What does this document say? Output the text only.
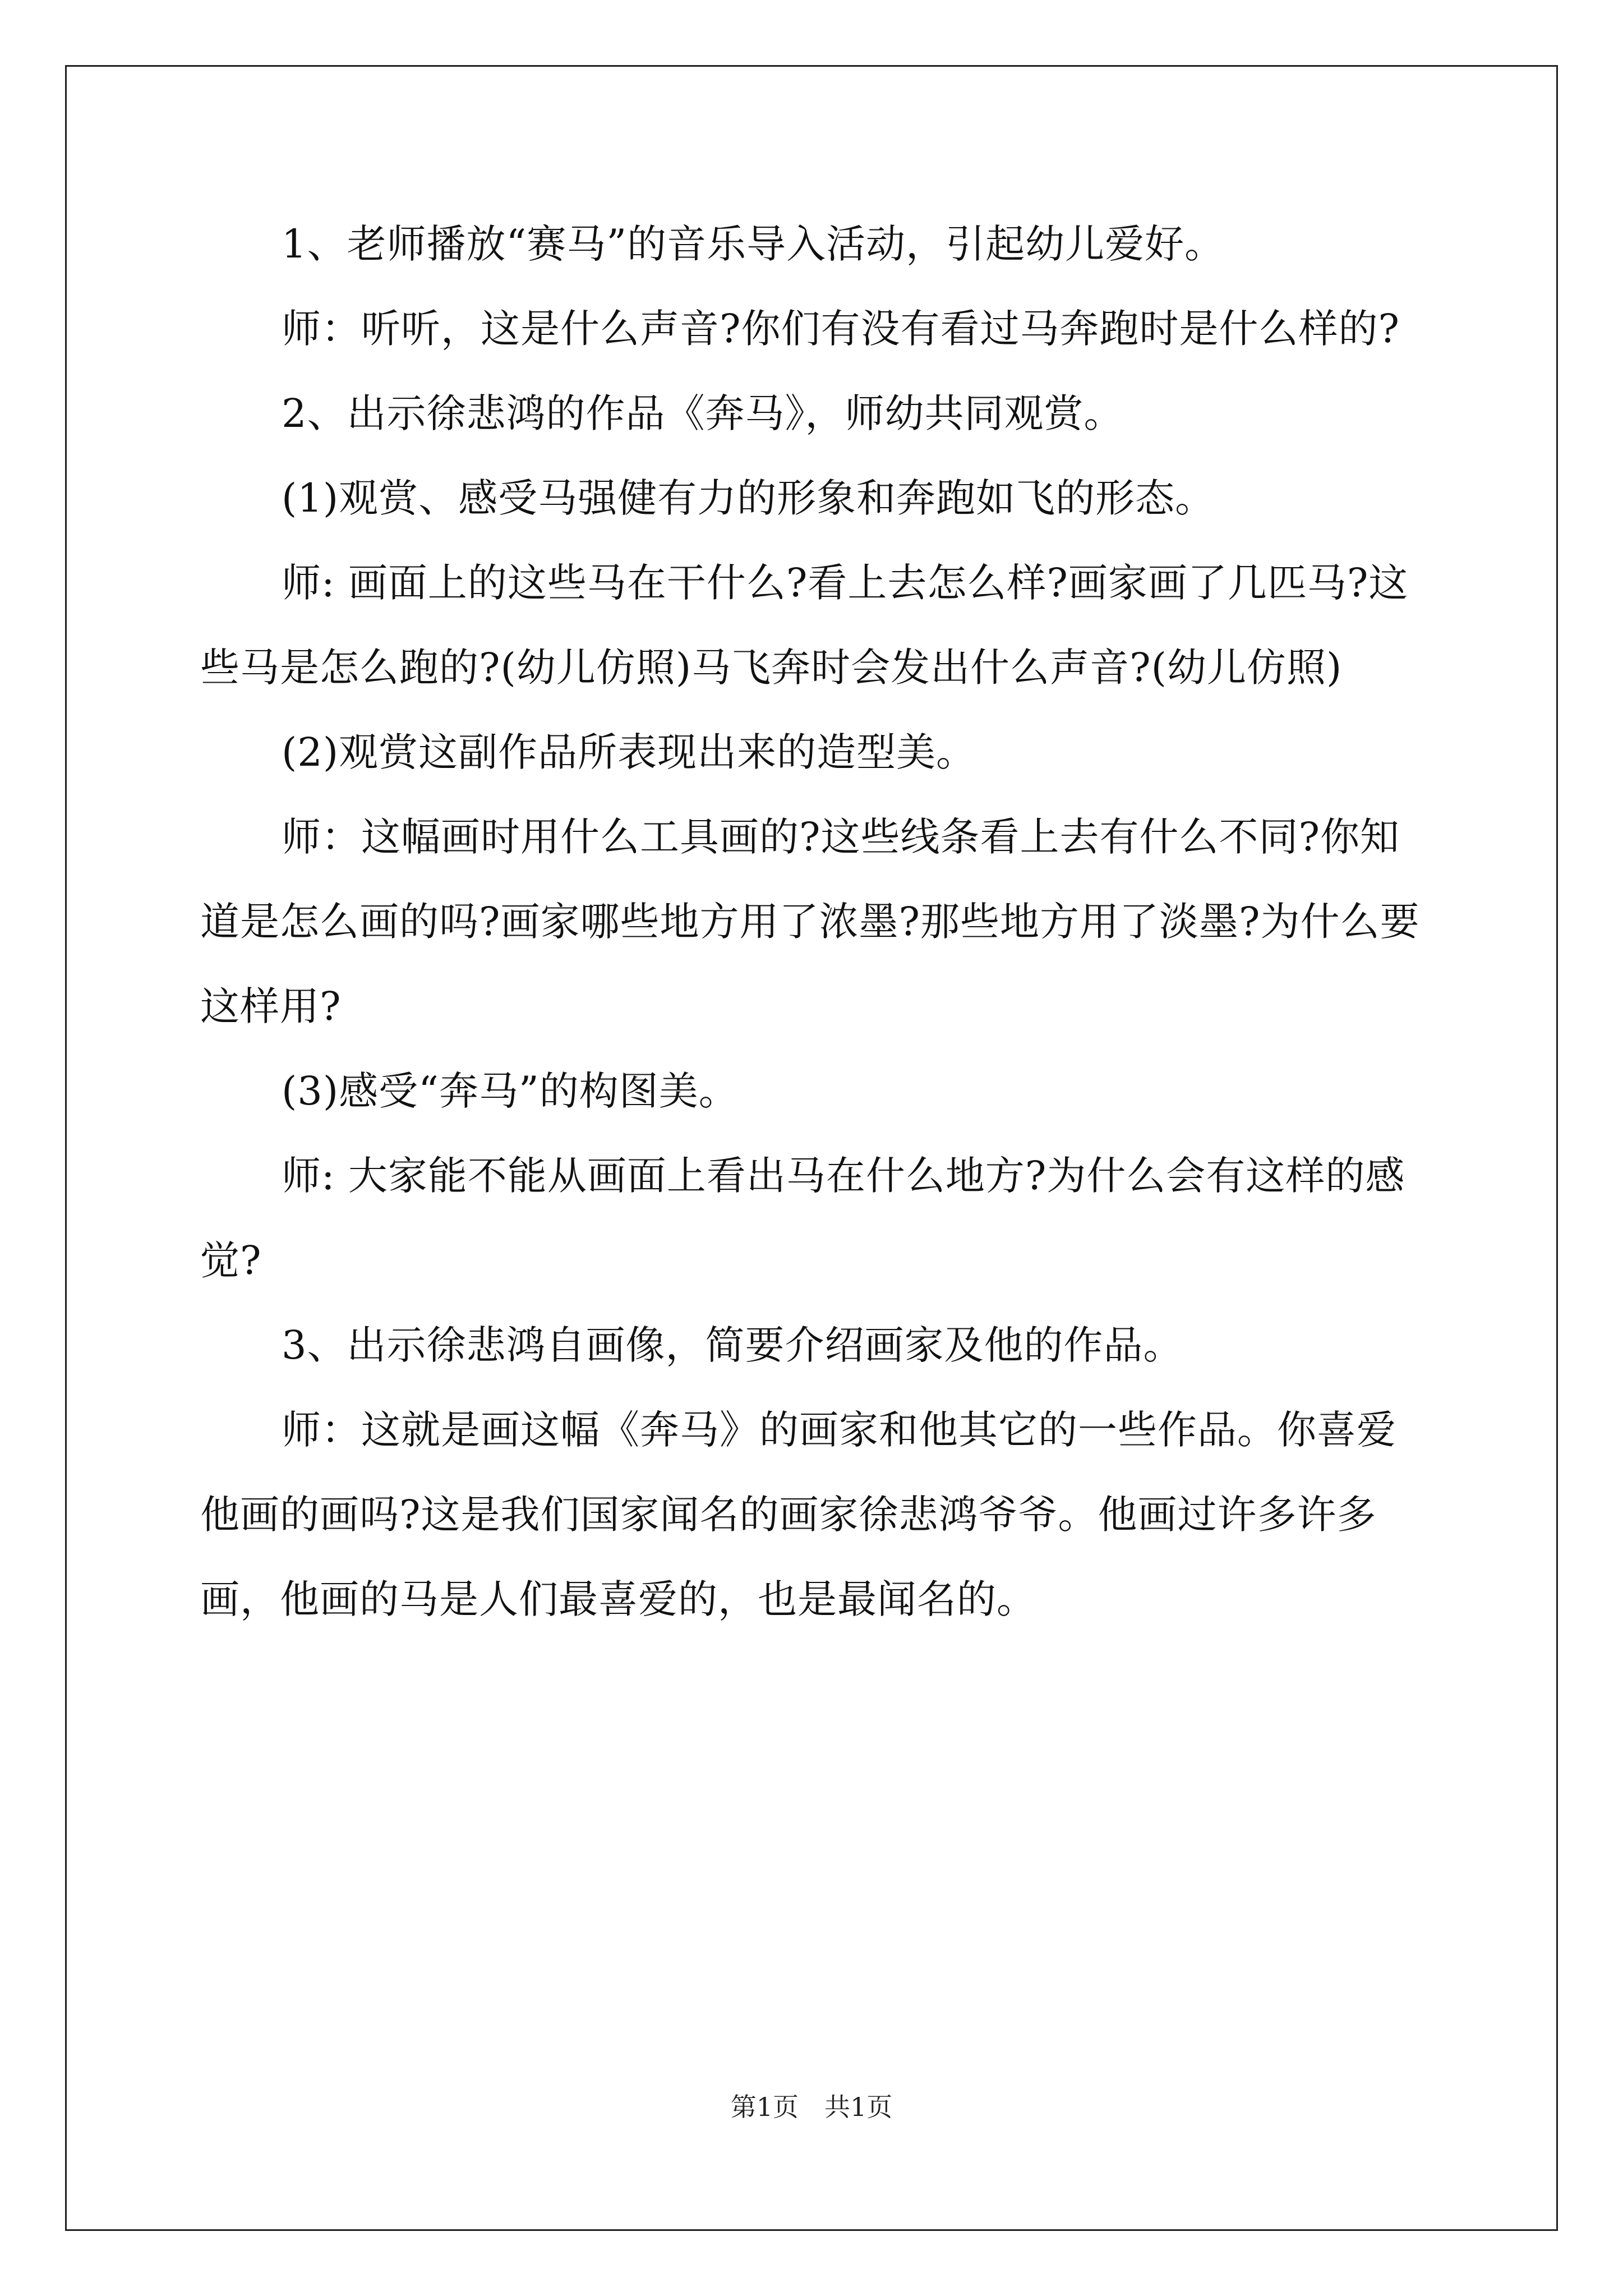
1、老师播放“赛马”的音乐导入活动，引起幼儿爱好。

师：听听，这是什么声音?你们有没有看过马奔跑时是什么样的?

2、出示徐悲鸿的作品《奔马》，师幼共同观赏。

(1)观赏、感受马强健有力的形象和奔跑如飞的形态。

师: 画面上的这些马在干什么?看上去怎么样?画家画了几匹马?这些马是怎么跑的?(幼儿仿照)马飞奔时会发出什么声音?(幼儿仿照)

(2)观赏这副作品所表现出来的造型美。

师：这幅画时用什么工具画的?这些线条看上去有什么不同?你知道是怎么画的吗?画家哪些地方用了浓墨?那些地方用了淡墨?为什么要这样用?

(3)感受“奔马”的构图美。

师: 大家能不能从画面上看出马在什么地方?为什么会有这样的感觉?

3、出示徐悲鸿自画像，简要介绍画家及他的作品。

师：这就是画这幅《奔马》的画家和他其它的一些作品。你喜爱他画的画吗?这是我们国家闻名的画家徐悲鸿爷爷。他画过许多许多画，他画的马是人们最喜爱的，也是最闻名的。

第1页　共1页
